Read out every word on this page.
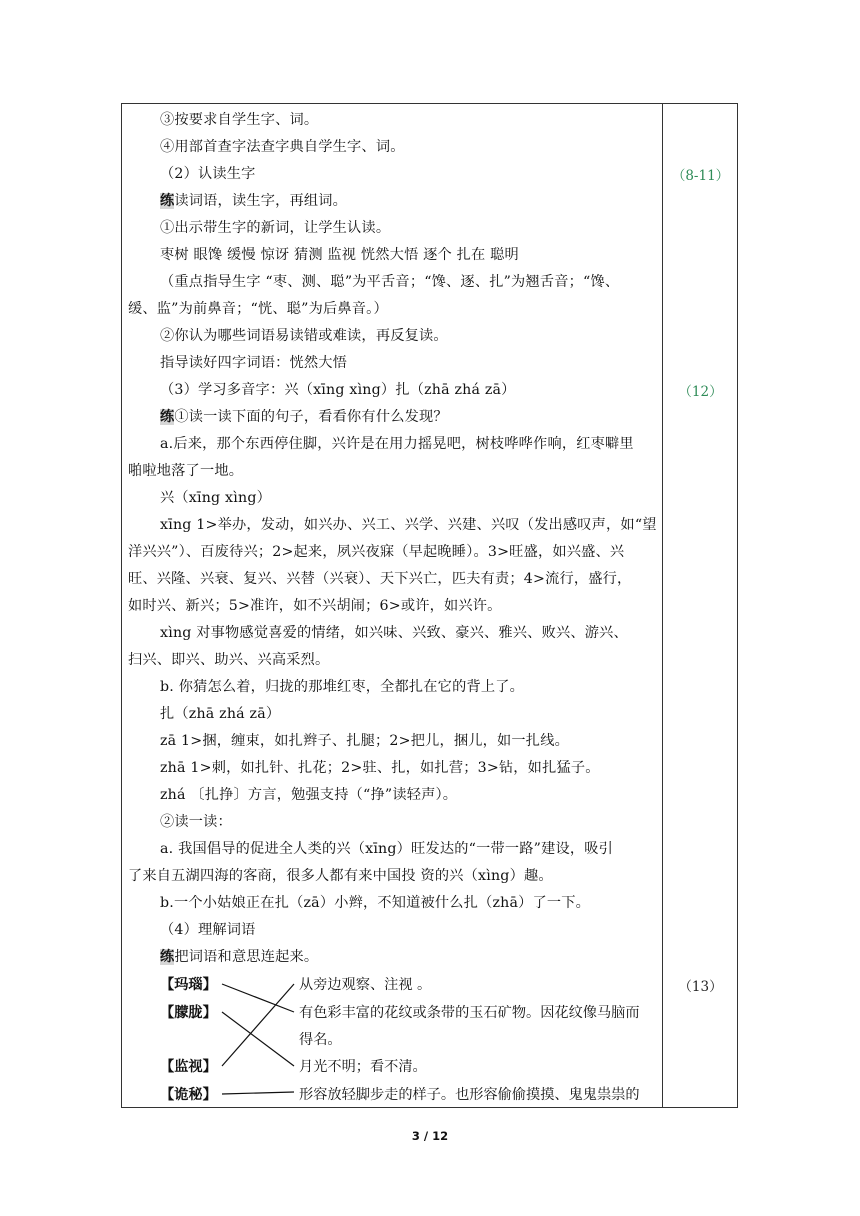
③按要求自学生字、词。
④用部首查字法查字典自学生字、词。
（2）认读生字
练读词语，读生字，再组词。
①出示带生字的新词，让学生认读。
枣树 眼馋 缓慢 惊讶 猜测 监视 恍然大悟 逐个 扎在 聪明
（重点指导生字 “枣、测、聪”为平舌音；“馋、逐、扎”为翘舌音；“馋、
缓、监”为前鼻音；“恍、聪”为后鼻音。）
②你认为哪些词语易读错或难读，再反复读。
指导读好四字词语：恍然大悟
（3）学习多音字：兴（xīng xìng）扎（zhā zhá zā）
练①读一读下面的句子，看看你有什么发现？
a.后来，那个东西停住脚，兴许是在用力摇晃吧，树枝哗哗作响，红枣噼里
啪啦地落了一地。
兴（xīng xìng）
xīng 1>举办，发动，如兴办、兴工、兴学、兴建、兴叹（发出感叹声，如“望
洋兴兴”）、百废待兴；2>起来，夙兴夜寐（早起晚睡）。3>旺盛，如兴盛、兴
旺、兴隆、兴衰、复兴、兴替（兴衰）、天下兴亡，匹夫有责；4>流行，盛行，
如时兴、新兴；5>准许，如不兴胡闹；6>或许，如兴许。
xìng 对事物感觉喜爱的情绪，如兴味、兴致、豪兴、雅兴、败兴、游兴、
扫兴、即兴、助兴、兴高采烈。
b. 你猜怎么着，归拢的那堆红枣，全都扎在它的背上了。
扎（zhā zhá zā）
zā 1>捆，缠束，如扎辫子、扎腿；2>把儿，捆儿，如一扎线。
zhā 1>刺，如扎针、扎花；2>驻、扎，如扎营；3>钻，如扎猛子。
zhá 〔扎挣〕方言，勉强支持（“挣”读轻声）。
②读一读：
a. 我国倡导的促进全人类的兴（xīng）旺发达的“一带一路”建设，吸引
了来自五湖四海的客商，很多人都有来中国投 资的兴（xìng）趣。
b.一个小姑娘正在扎（zā）小辫，不知道被什么扎（zhā）了一下。
（4）理解词语
练把词语和意思连起来。
【玛瑙】
【朦胧】
【监视】
【诡秘】
从旁边观察、注视 。
有色彩丰富的花纹或条带的玉石矿物。因花纹像马脑而
得名。
月光不明；看不清。
形容放轻脚步走的样子。也形容偷偷摸摸、鬼鬼祟祟的
（8-11）
（12）
（13）
3 / 12
